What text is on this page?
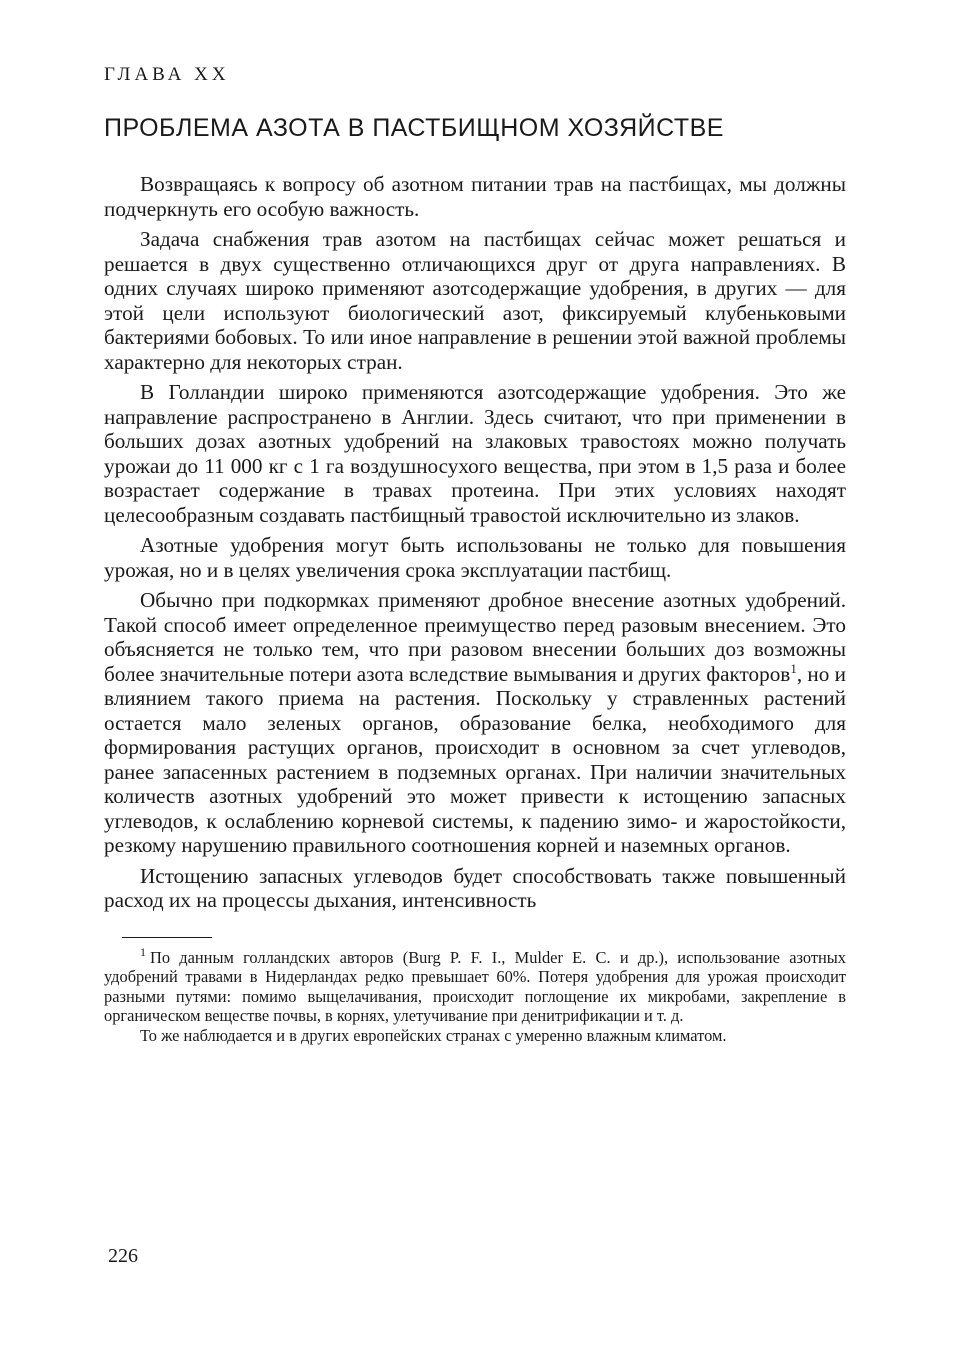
ГЛАВА XX
ПРОБЛЕМА АЗОТА В ПАСТБИЩНОМ ХОЗЯЙСТВЕ

Возвращаясь к вопросу об азотном питании трав на пастбищах, мы должны подчеркнуть его особую важность.

Задача снабжения трав азотом на пастбищах сейчас может решаться и решается в двух существенно отличающихся друг от друга направлениях. В одних случаях широко применяют азотсодержащие удобрения, в других — для этой цели используют биологический азот, фиксируемый клубеньковыми бактериями бобовых. То или иное направление в решении этой важной проблемы характерно для некоторых стран.

В Голландии широко применяются азотсодержащие удобрения. Это же направление распространено в Англии. Здесь считают, что при применении в больших дозах азотных удобрений на злаковых травостоях можно получать урожаи до 11 000 кг с 1 га воздушносухого вещества, при этом в 1,5 раза и более возрастает содержание в травах протеина. При этих условиях находят целесообразным создавать пастбищный травостой исключительно из злаков.

Азотные удобрения могут быть использованы не только для повышения урожая, но и в целях увеличения срока эксплуатации пастбищ.

Обычно при подкормках применяют дробное внесение азотных удобрений. Такой способ имеет определенное преимущество перед разовым внесением. Это объясняется не только тем, что при разовом внесении больших доз возможны более значительные потери азота вследствие вымывания и других факторов$^1$, но и влиянием такого приема на растения. Поскольку у стравленных растений остается мало зеленых органов, образование белка, необходимого для формирования растущих органов, происходит в основном за счет углеводов, ранее запасенных растением в подземных органах. При наличии значительных количеств азотных удобрений это может привести к истощению запасных углеводов, к ослаблению корневой системы, к падению зимо- и жаростойкости, резкому нарушению правильного соотношения корней и наземных органов.

Истощению запасных углеводов будет способствовать также повышенный расход их на процессы дыхания, интенсивность

$^1$ По данным голландских авторов (Burg P. F. I., Mulder E. C. и др.), использование азотных удобрений травами в Нидерландах редко превышает 60%. Потеря удобрения для урожая происходит разными путями: помимо выщелачивания, происходит поглощение их микробами, закрепление в органическом веществе почвы, в корнях, улетучивание при денитрификации и т. д.

То же наблюдается и в других европейских странах с умеренно влажным климатом.

226
